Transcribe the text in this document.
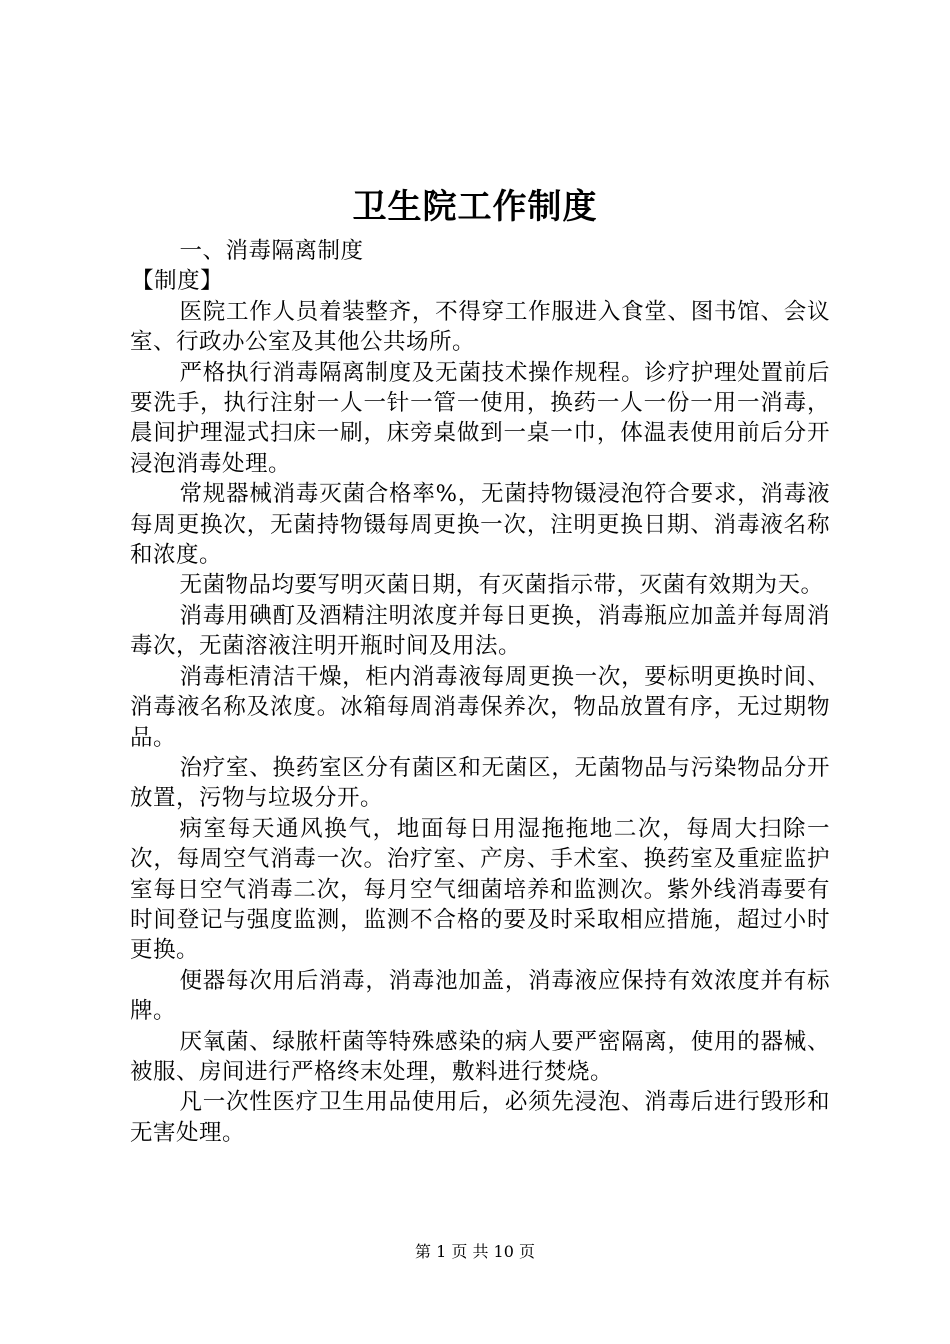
卫生院工作制度

一、消毒隔离制度

【制度】

医院工作人员着装整齐，不得穿工作服进入食堂、图书馆、会议室、行政办公室及其他公共场所。

严格执行消毒隔离制度及无菌技术操作规程。诊疗护理处置前后要洗手，执行注射一人一针一管一使用，换药一人一份一用一消毒，晨间护理湿式扫床一刷，床旁桌做到一桌一巾，体温表使用前后分开浸泡消毒处理。

常规器械消毒灭菌合格率%，无菌持物镊浸泡符合要求，消毒液每周更换次，无菌持物镊每周更换一次，注明更换日期、消毒液名称和浓度。

无菌物品均要写明灭菌日期，有灭菌指示带，灭菌有效期为天。

消毒用碘酊及酒精注明浓度并每日更换，消毒瓶应加盖并每周消毒次，无菌溶液注明开瓶时间及用法。

消毒柜清洁干燥，柜内消毒液每周更换一次，要标明更换时间、消毒液名称及浓度。冰箱每周消毒保养次，物品放置有序，无过期物品。

治疗室、换药室区分有菌区和无菌区，无菌物品与污染物品分开放置，污物与垃圾分开。

病室每天通风换气，地面每日用湿拖拖地二次，每周大扫除一次，每周空气消毒一次。治疗室、产房、手术室、换药室及重症监护室每日空气消毒二次，每月空气细菌培养和监测次。紫外线消毒要有时间登记与强度监测，监测不合格的要及时采取相应措施，超过小时更换。

便器每次用后消毒，消毒池加盖，消毒液应保持有效浓度并有标牌。

厌氧菌、绿脓杆菌等特殊感染的病人要严密隔离，使用的器械、被服、房间进行严格终末处理，敷料进行焚烧。

凡一次性医疗卫生用品使用后，必须先浸泡、消毒后进行毁形和无害处理。

第 1 页 共 10 页
